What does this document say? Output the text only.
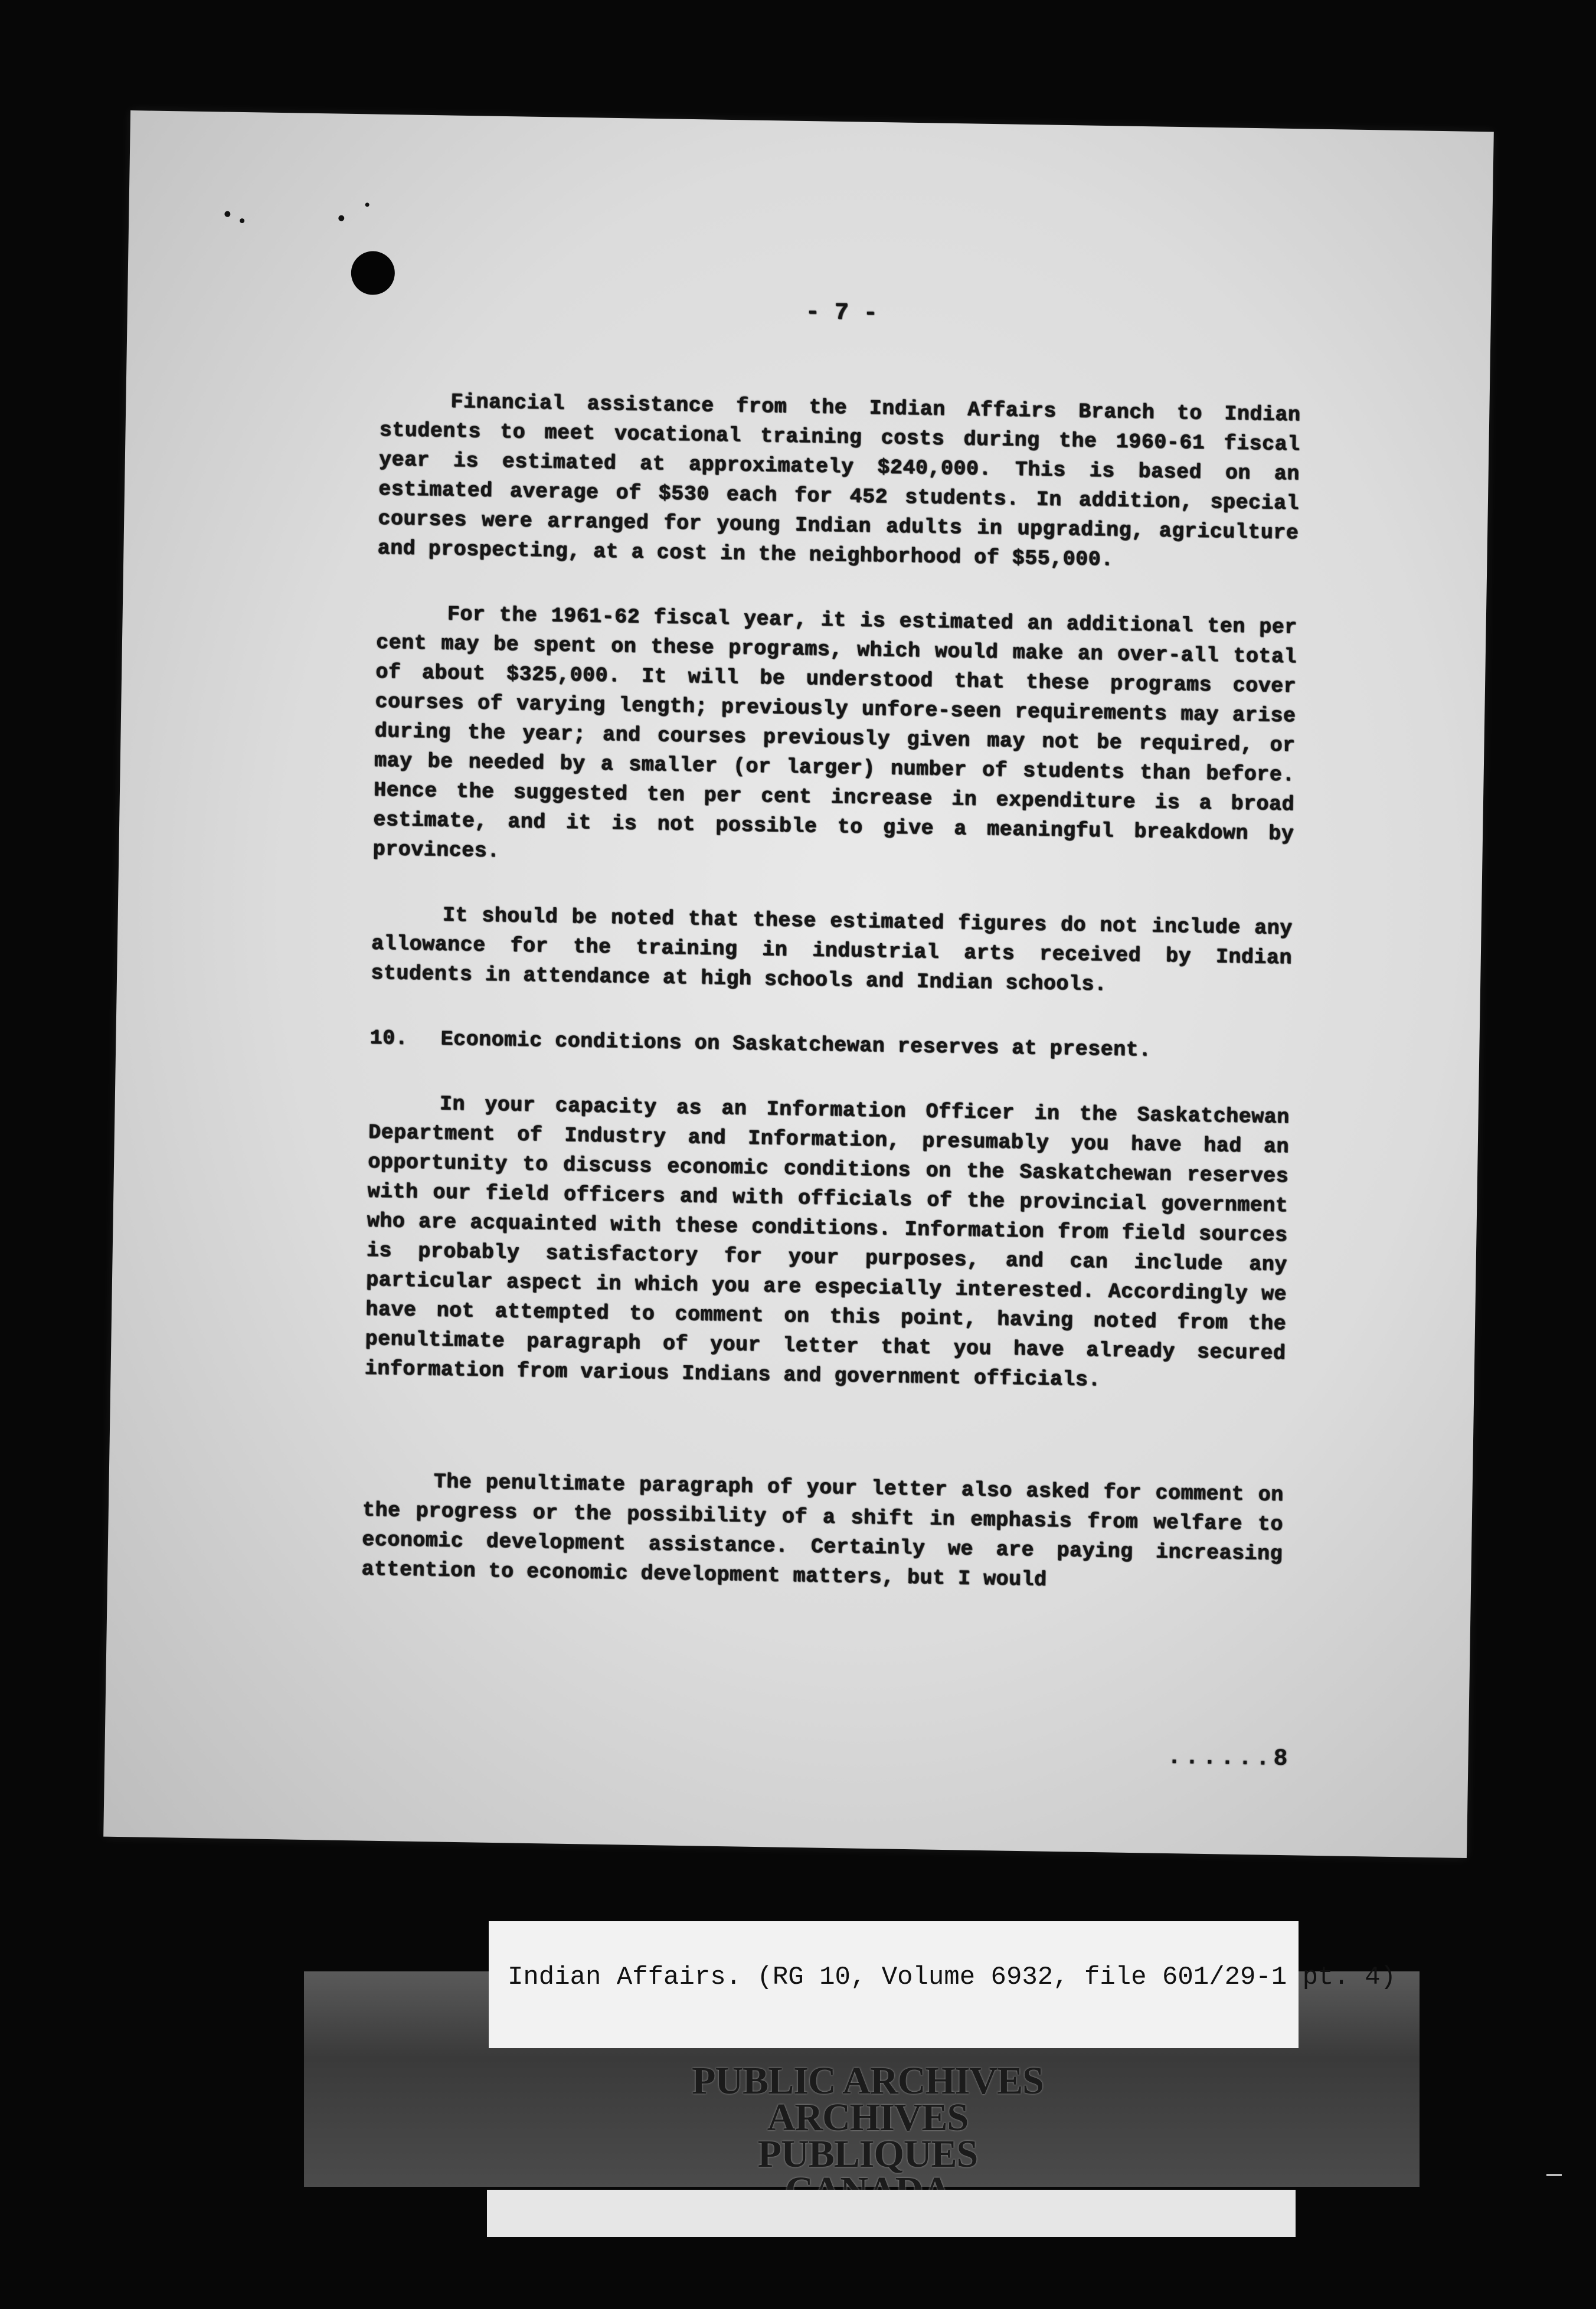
- 7 -

Financial assistance from the Indian Affairs Branch to Indian students to meet vocational training costs during the 1960-61 fiscal year is estimated at approximately $240,000. This is based on an estimated average of $530 each for 452 students. In addition, special courses were arranged for young Indian adults in upgrading, agriculture and prospecting, at a cost in the neighborhood of $55,000.

For the 1961-62 fiscal year, it is estimated an additional ten per cent may be spent on these programs, which would make an over-all total of about $325,000. It will be understood that these programs cover courses of varying length; previously unfore-seen requirements may arise during the year; and courses previously given may not be required, or may be needed by a smaller (or larger) number of students than before. Hence the suggested ten per cent increase in expenditure is a broad estimate, and it is not possible to give a meaningful breakdown by provinces.

It should be noted that these estimated figures do not include any allowance for the training in industrial arts received by Indian students in attendance at high schools and Indian schools.

10. Economic conditions on Saskatchewan reserves at present.

In your capacity as an Information Officer in the Saskatchewan Department of Industry and Information, presumably you have had an opportunity to discuss economic conditions on the Saskatchewan reserves with our field officers and with officials of the provincial government who are acquainted with these conditions. Information from field sources is probably satisfactory for your purposes, and can include any particular aspect in which you are especially interested. Accordingly we have not attempted to comment on this point, having noted from the penultimate paragraph of your letter that you have already secured information from various Indians and government officials.

The penultimate paragraph of your letter also asked for comment on the progress or the possibility of a shift in emphasis from welfare to economic development assistance. Certainly we are paying increasing attention to economic development matters, but I would

......8
Indian Affairs. (RG 10, Volume 6932, file 601/29-1 pt. 4)
PUBLIC ARCHIVES
ARCHIVES PUBLIQUES
